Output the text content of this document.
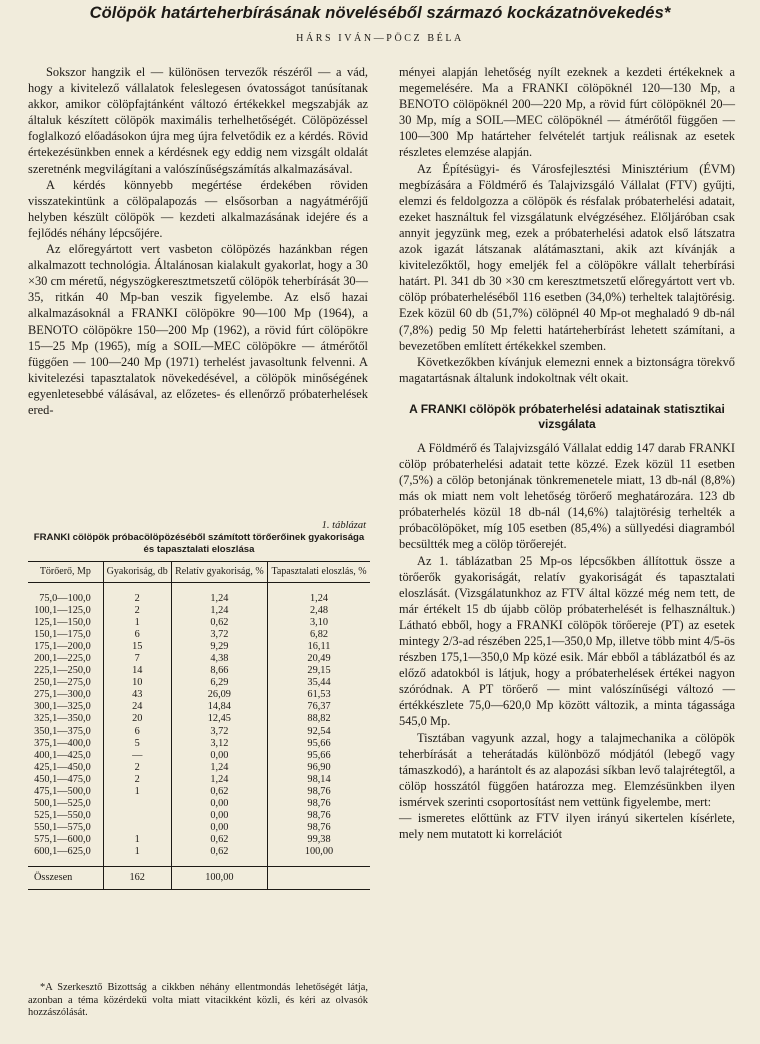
Cölöpök határteherbírásának növeléséből származó kockázatnövekedés*
HÁRS IVÁN—PÖCZ BÉLA

Sokszor hangzik el — különösen tervezők részéről — a vád, hogy a kivitelező vállalatok feleslegesen óvatosságot tanúsítanak akkor, amikor cölöpfajtánként változó értékekkel megszabják az általuk készített cölöpök maximális terhelhetőségét. Cölöpözéssel foglalkozó előadásokon újra meg újra felvetődik ez a kérdés. Rövid értekezésünkben ennek a kérdésnek egy eddig nem vizsgált oldalát szeretnénk megvilágítani a valószínűségszámítás alkalmazásával.

A kérdés könnyebb megértése érdekében röviden visszatekintünk a cölöpalapozás — elsősorban a nagyátmérőjű helyben készült cölöpök — kezdeti alkalmazásának idejére és a fejlődés néhány lépcsőjére.

Az előregyártott vert vasbeton cölöpözés hazánkban régen alkalmazott technológia. Általánosan kialakult gyakorlat, hogy a 30 ×30 cm méretű, négyszögkeresztmetszetű cölöpök teherbírását 30—35, ritkán 40 Mp-ban veszik figyelembe. Az első hazai alkalmazásoknál a FRANKI cölöpökre 90—100 Mp (1964), a BENOTO cölöpökre 150—200 Mp (1962), a rövid fúrt cölöpökre 15—25 Mp (1965), míg a SOIL—MEC cölöpökre — átmérőtől függően — 100—240 Mp (1971) terhelést javasoltunk felvenni. A kivitelezési tapasztalatok növekedésével, a cölöpök minőségének egyenletesebbé válásával, az előzetes- és ellenőrző próbaterhelések ered-

ményei alapján lehetőség nyílt ezeknek a kezdeti értékeknek a megemelésére. Ma a FRANKI cölöpöknél 120—130 Mp, a BENOTO cölöpöknél 200—220 Mp, a rövid fúrt cölöpöknél 20—30 Mp, míg a SOIL—MEC cölöpöknél — átmérőtől függően — 100—300 Mp határteher felvételét tartjuk reálisnak az esetek részletes elemzése alapján.

Az Építésügyi- és Városfejlesztési Minisztérium (ÉVM) megbízására a Földmérő és Talajvizsgáló Vállalat (FTV) gyűjti, elemzi és feldolgozza a cölöpök és résfalak próbaterhelési adatait, ezeket használtuk fel vizsgálatunk elvégzéséhez. Előljáróban csak annyit jegyzünk meg, ezek a próbaterhelési adatok első látszatra azok igazát látszanak alátámasztani, akik azt kívánják a kivitelezőktől, hogy emeljék fel a cölöpökre vállalt teherbírási határt. Pl. 341 db 30 ×30 cm keresztmetszetű előregyártott vert vb. cölöp próbaterheléséből 116 esetben (34,0%) terheltek talajtörésig. Ezek közül 60 db (51,7%) cölöpnél 40 Mp-ot meghaladó 9 db-nál (7,8%) pedig 50 Mp feletti határteherbírást lehetett számítani, a bevezetőben említett értékekkel szemben.

Következőkben kívánjuk elemezni ennek a biztonságra törekvő magatartásnak általunk indokoltnak vélt okait.

A FRANKI cölöpök próbaterhelési adatainak statisztikai vizsgálata

A Földmérő és Talajvizsgáló Vállalat eddig 147 darab FRANKI cölöp próbaterhelési adatait tette közzé. Ezek közül 11 esetben (7,5%) a cölöp betonjának tönkremenetele miatt, 13 db-nál (8,8%) más ok miatt nem volt lehetőség törőerő meghatározára. 123 db próbaterhelés közül 18 db-nál (14,6%) talajtörésig terhelték a próbacölöpöket, míg 105 esetben (85,4%) a süllyedési diagramból becsültték meg a cölöp törőerejét.

Az 1. táblázatban 25 Mp-os lépcsőkben állítottuk össze a törőerők gyakoriságát, relatív gyakoriságát és tapasztalati eloszlását. (Vizsgálatunkhoz az FTV által közzé még nem tett, de már értékelt 15 db újabb cölöp próbaterhelését is felhasználtuk.) Látható ebből, hogy a FRANKI cölöpök törőereje (PT) az esetek mintegy 2/3-ad részében 225,1—350,0 Mp, illetve több mint 4/5-ös részben 175,1—350,0 Mp közé esik. Már ebből a táblázatból és az előző adatokból is látjuk, hogy a próbaterhelések értékei nagyon szóródnak. A PT törőerő — mint valószínűségi változó — értékkészlete 75,0—620,0 Mp között változik, a minta tágassága 545,0 Mp.

Tisztában vagyunk azzal, hogy a talajmechanika a cölöpök teherbírását a teherátadás különböző módjától (lebegő vagy támaszkodó), a harántolt és az alapozási síkban levő talajrétegtől, a cölöp hosszától függően határozza meg. Elemzésünkben ilyen ismérvek szerinti csoportosítást nem vettünk figyelembe, mert:

— ismeretes előttünk az FTV ilyen irányú sikertelen kísérlete, mely nem mutatott ki korrelációt

1. táblázat
FRANKI cölöpök próbacölöpözéséből számított törőerőinek gyakorisága és tapasztalati eloszlása
Törőerő, Mp	Gyakoriság, db	Relatív gyakoriság, %	Tapasztalati eloszlás, %
75,0—100,0	2	1,24	1,24
100,1—125,0	2	1,24	2,48
125,1—150,0	1	0,62	3,10
150,1—175,0	6	3,72	6,82
175,1—200,0	15	9,29	16,11
200,1—225,0	7	4,38	20,49
225,1—250,0	14	8,66	29,15
250,1—275,0	10	6,29	35,44
275,1—300,0	43	26,09	61,53
300,1—325,0	24	14,84	76,37
325,1—350,0	20	12,45	88,82
350,1—375,0	6	3,72	92,54
375,1—400,0	5	3,12	95,66
400,1—425,0	—	0,00	95,66
425,1—450,0	2	1,24	96,90
450,1—475,0	2	1,24	98,14
475,1—500,0	1	0,62	98,76
500,1—525,0		0,00	98,76
525,1—550,0		0,00	98,76
550,1—575,0		0,00	98,76
575,1—600,0	1	0,62	99,38
600,1—625,0	1	0,62	100,00
Összesen	162	100,00	

*A Szerkesztő Bizottság a cikkben néhány ellentmondás lehetőségét látja, azonban a téma közérdekű volta miatt vitacikként közli, és kéri az olvasók hozzászólását.
